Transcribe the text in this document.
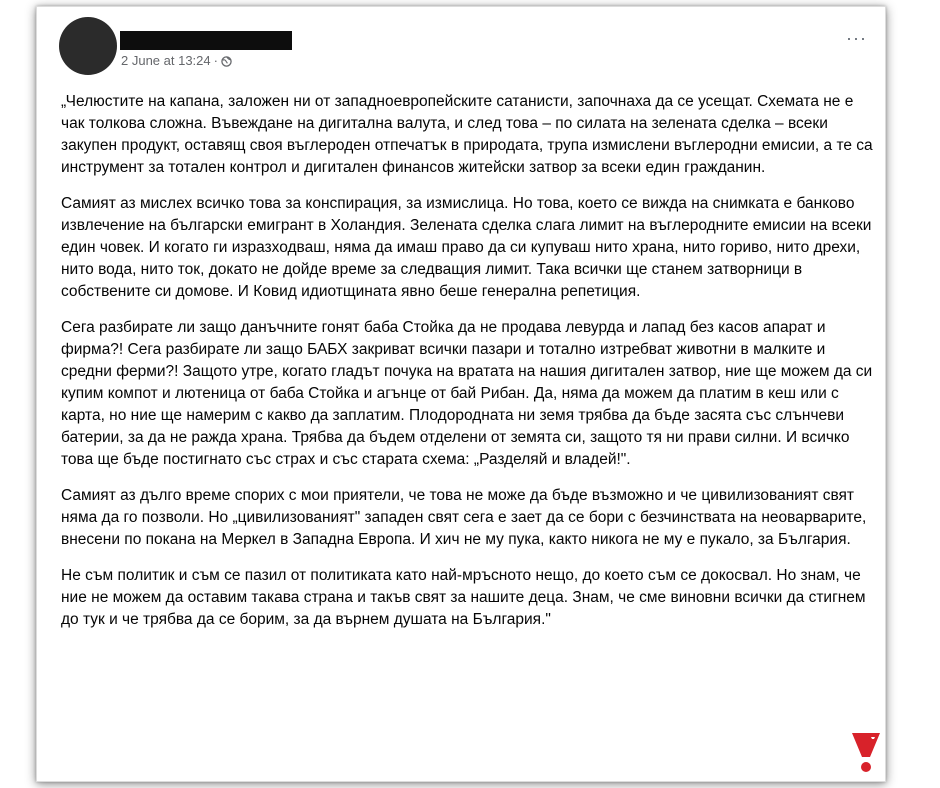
2 June at 13:24 ·
···

„Челюстите на капана, заложен ни от западноевропейските сатанисти, започнаха да се усещат. Схемата не е чак толкова сложна. Въвеждане на дигитална валута, и след това – по силата на зелената сделка – всеки закупен продукт, оставящ своя въглероден отпечатък в природата, трупа измислени въглеродни емисии, а те са инструмент за тотален контрол и дигитален финансов житейски затвор за всеки един гражданин.

Самият аз мислех всичко това за конспирация, за измислица. Но това, което се вижда на снимката е банково извлечение на български емигрант в Холандия. Зелената сделка слага лимит на въглеродните емисии на всеки един човек. И когато ги изразходваш, няма да имаш право да си купуваш нито храна, нито гориво, нито дрехи, нито вода, нито ток, докато не дойде време за следващия лимит. Така всички ще станем затворници в собствените си домове. И Ковид идиотщината явно беше генерална репетиция.

Сега разбирате ли защо данъчните гонят баба Стойка да не продава левурда и лапад без касов апарат и фирма?! Сега разбирате ли защо БАБХ закриват всички пазари и тотално изтребват животни в малките и средни ферми?! Защото утре, когато гладът почука на вратата на нашия дигитален затвор, ние ще можем да си купим компот и лютеница от баба Стойка и агънце от бай Рибан. Да, няма да можем да платим в кеш или с карта, но ние ще намерим с какво да заплатим. Плодородната ни земя трябва да бъде засята със слънчеви батерии, за да не ражда храна. Трябва да бъдем отделени от земята си, защото тя ни прави силни. И всичко това ще бъде постигнато със страх и със старата схема: „Разделяй и владей!".

Самият аз дълго време спорих с мои приятели, че това не може да бъде възможно и че цивилизованият свят няма да го позволи. Но „цивилизованият" западен свят сега е зает да се бори с безчинствата на неоварварите, внесени по покана на Меркел в Западна Европа. И хич не му пука, както никога не му е пукало, за България.

Не съм политик и съм се пазил от политиката като най-мръсното нещо, до което съм се докосвал. Но знам, че ние не можем да оставим такава страна и такъв свят за нашите деца. Знам, че сме виновни всички да стигнем до тук и че трябва да се борим, за да върнем душата на България."
